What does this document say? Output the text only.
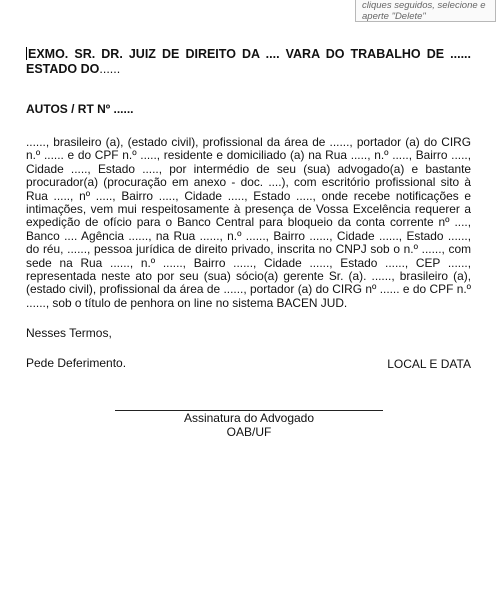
cliques seguidos, selecione e
aperte "Delete"

EXMO. SR. DR. JUIZ DE DIREITO DA .... VARA DO TRABALHO DE ...... ESTADO DO......

AUTOS / RT Nº ......

......, brasileiro (a), (estado civil), profissional da área de ......, portador (a) do CIRG n.º ...... e do CPF n.º ....., residente e domiciliado (a) na Rua ....., n.º ....., Bairro ....., Cidade ....., Estado ....., por intermédio de seu (sua) advogado(a) e bastante procurador(a) (procuração em anexo - doc. ....), com escritório profissional sito à Rua ....., nº ....., Bairro ....., Cidade ....., Estado ....., onde recebe notificações e intimações, vem mui respeitosamente à presença de Vossa Excelência requerer a expedição de ofício para o Banco Central para bloqueio da conta corrente nº ...., Banco .... Agência ......, na Rua ......, n.º ......, Bairro ......, Cidade ......, Estado ......, do réu, ......, pessoa jurídica de direito privado, inscrita no CNPJ sob o n.º ......, com sede na Rua ......, n.º ......, Bairro ......, Cidade ......, Estado ......, CEP ......, representada neste ato por seu (sua) sócio(a) gerente Sr. (a). ......, brasileiro (a), (estado civil), profissional da área de ......, portador (a) do CIRG nº ...... e do CPF n.º ......, sob o título de penhora on line no sistema BACEN JUD.

Nesses Termos,

Pede Deferimento.	LOCAL E DATA
Assinatura do Advogado
OAB/UF
